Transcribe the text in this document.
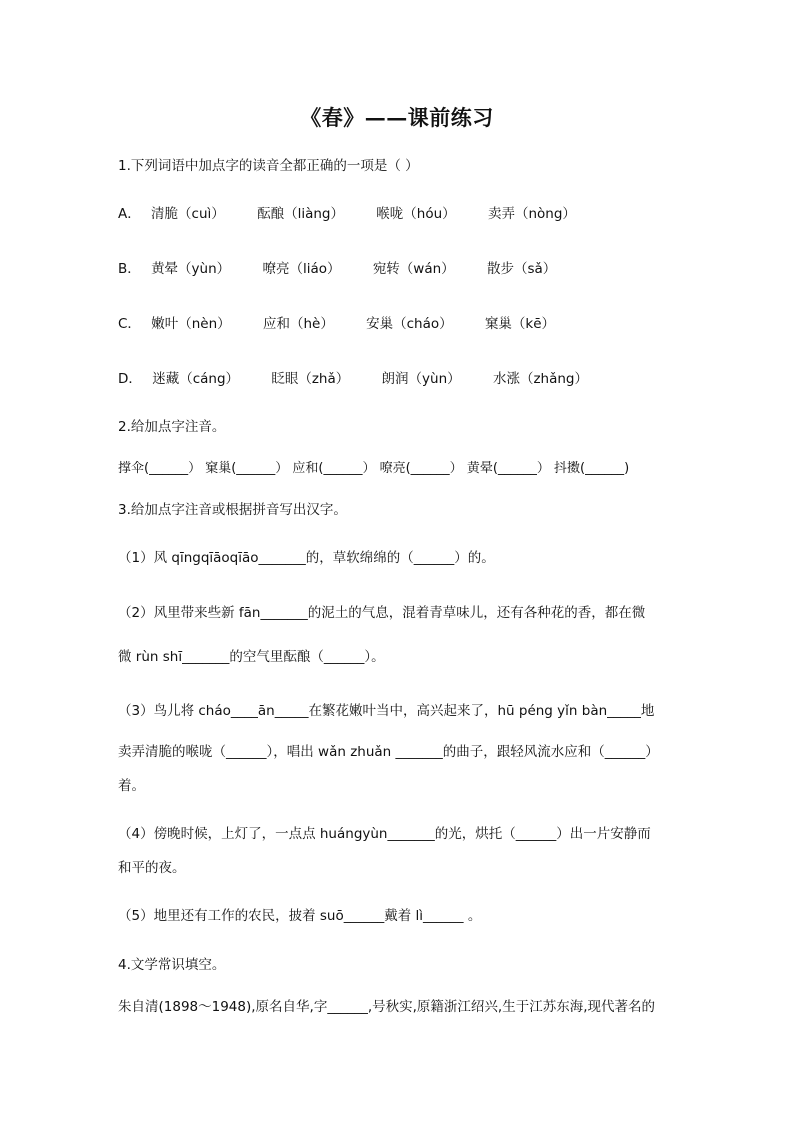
《春》——课前练习
1.下列词语中加点字的读音全都正确的一项是（ ）
A． 清脆（cuì） 酝酿（liàng） 喉咙（hóu） 卖弄（nòng）
B． 黄晕（yùn） 嘹亮（liáo） 宛转（wán） 散步（sǎ）
C． 嫩叶（nèn） 应和（hè） 安巢（cháo） 窠巢（kē）
D． 迷藏（cáng） 眨眼（zhǎ） 朗润（yùn） 水涨（zhǎng）
2.给加点字注音。
撑伞(______） 窠巢(______） 应和(______） 嘹亮(______） 黄晕(______） 抖擞(______)
3.给加点字注音或根据拼音写出汉字。
（1）风 qīngqīāoqīāo_______的，草软绵绵的（______）的。
（2）风里带来些新 fān_______的泥土的气息，混着青草味儿，还有各种花的香，都在微
微 rùn shī_______的空气里酝酿（______）。
（3）鸟儿将 cháo____ān_____在繁花嫩叶当中，高兴起来了，hū péng yǐn bàn_____地
卖弄清脆的喉咙（______），唱出 wǎn zhuǎn _______的曲子，跟轻风流水应和（______）
着。
（4）傍晚时候，上灯了，一点点 huángyùn_______的光，烘托（______）出一片安静而
和平的夜。
（5）地里还有工作的农民，披着 suō______戴着 lì______ 。
4.文学常识填空。
朱自清(1898～1948),原名自华,字______,号秋实,原籍浙江绍兴,生于江苏东海,现代著名的
